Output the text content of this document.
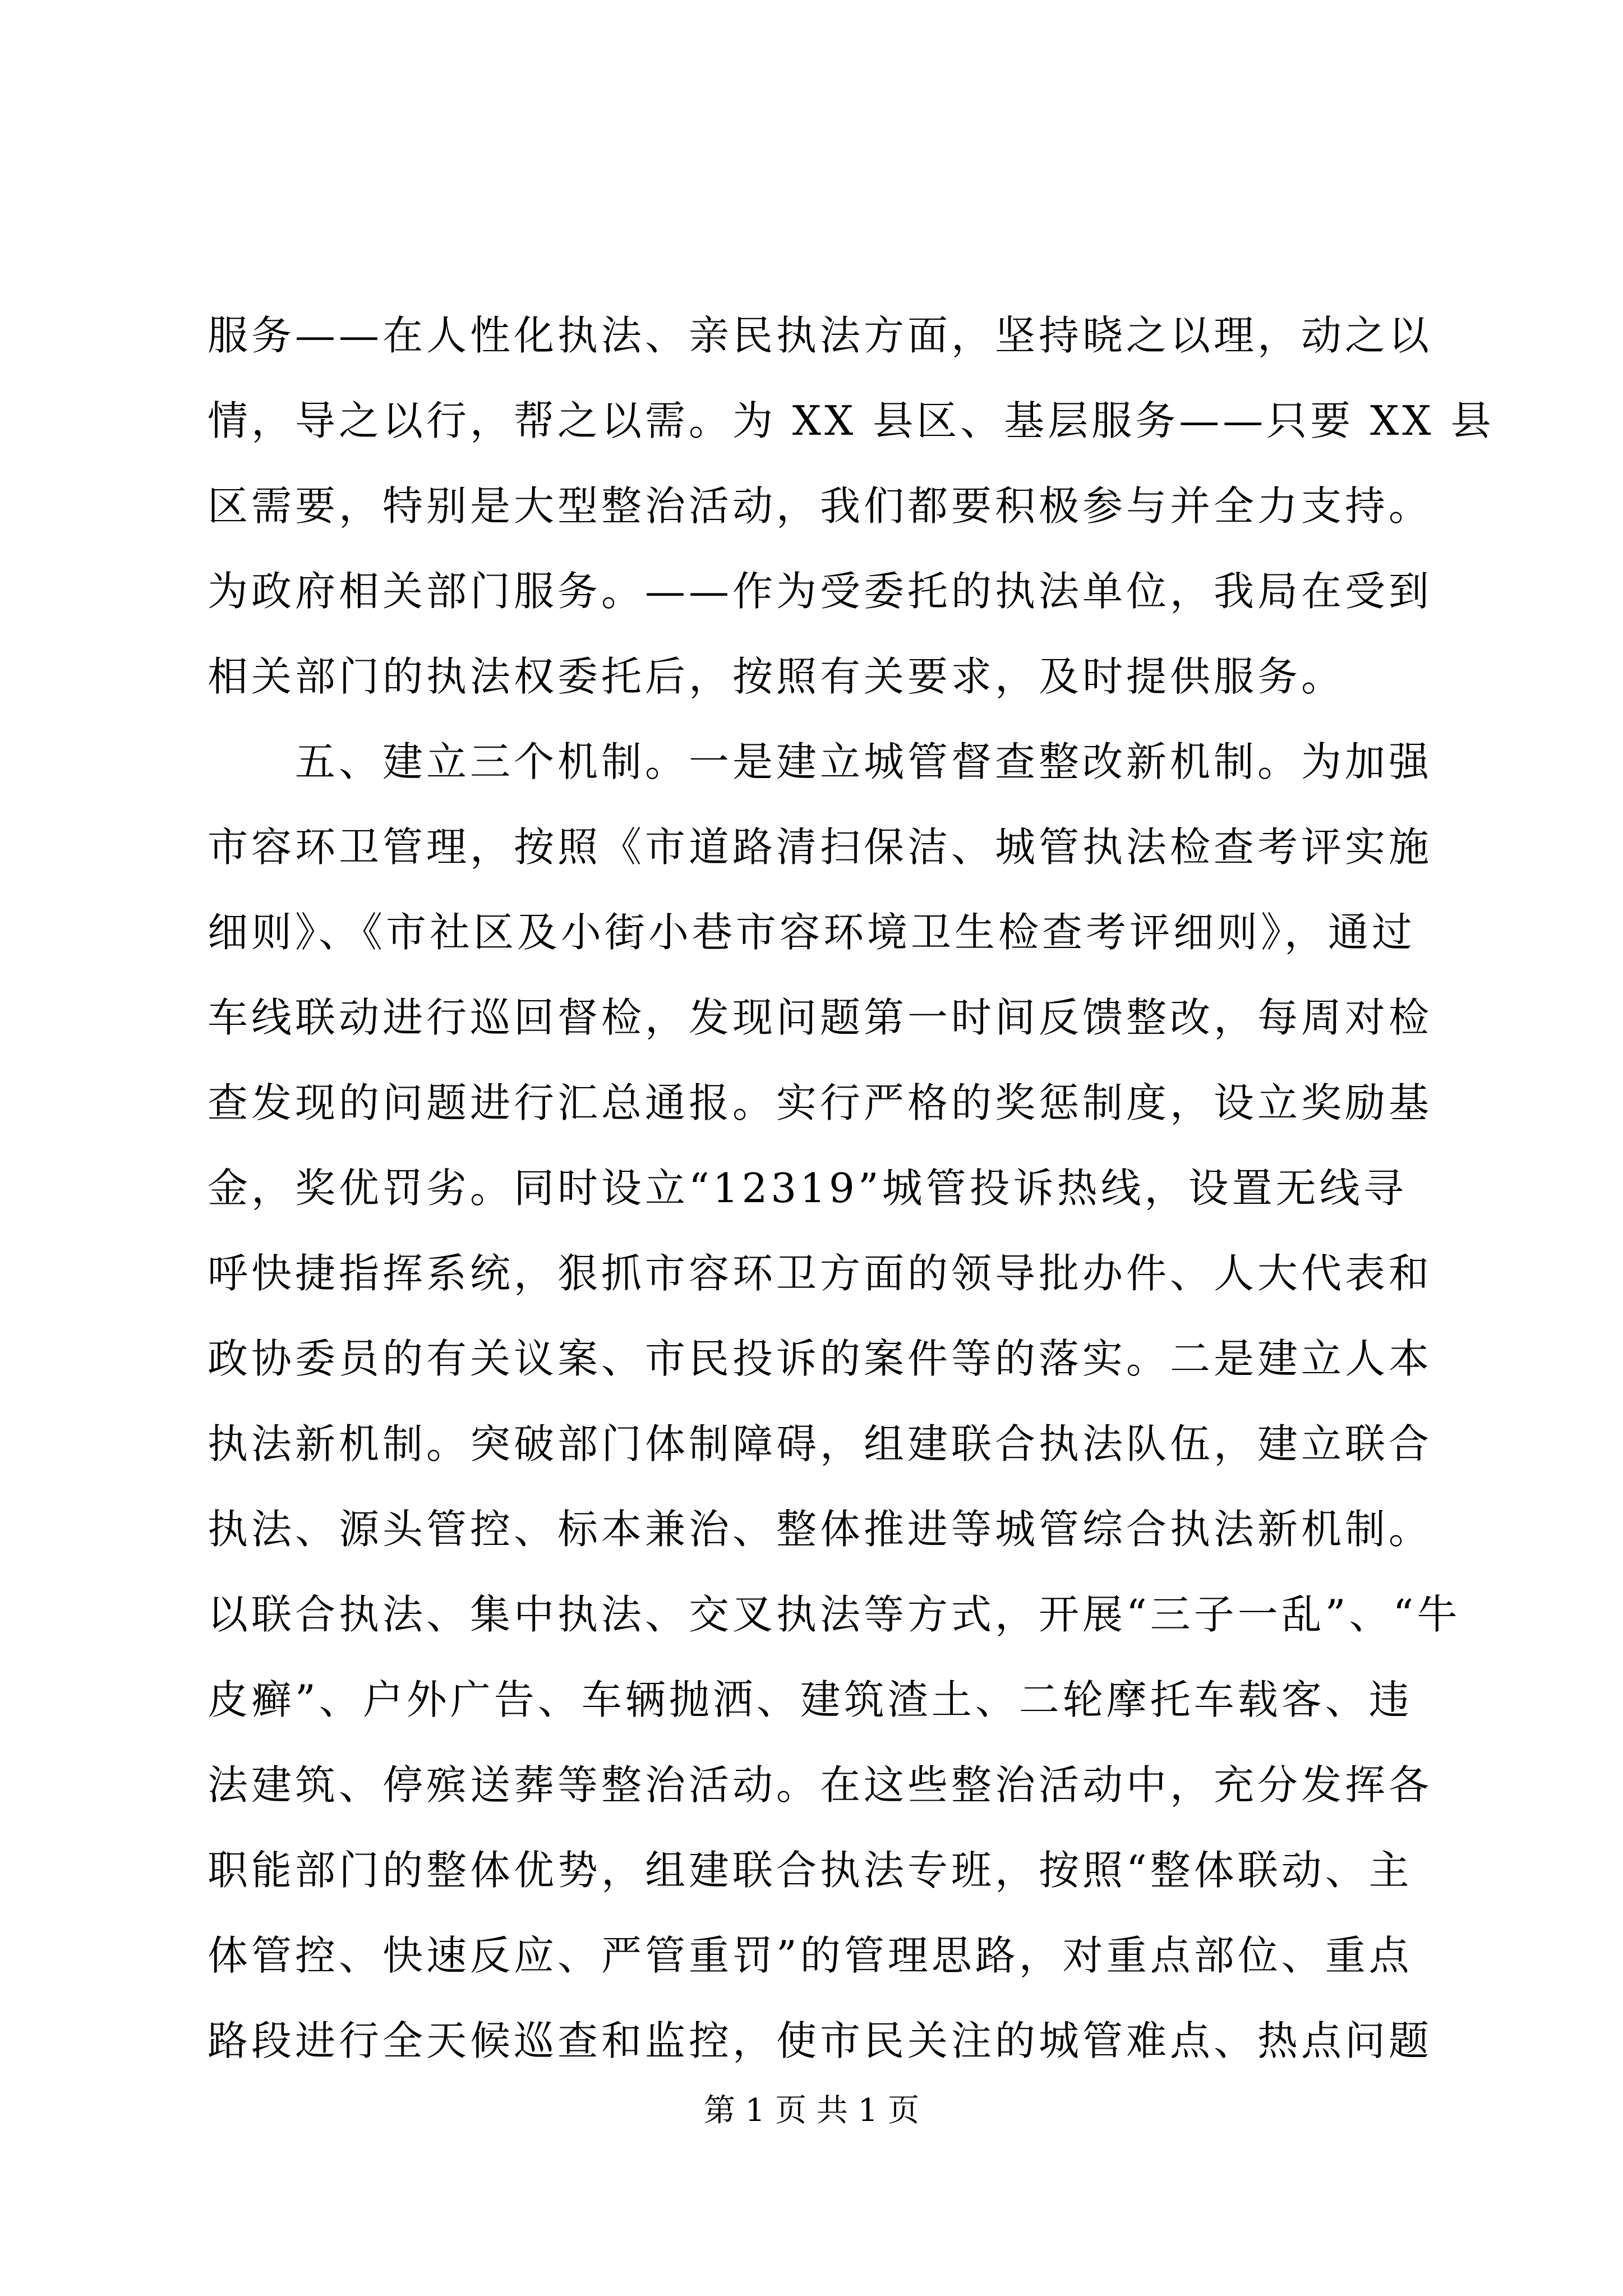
服务——在人性化执法、亲民执法方面，坚持晓之以理，动之以
情，导之以行，帮之以需。为 XX 县区、基层服务——只要 XX 县
区需要，特别是大型整治活动，我们都要积极参与并全力支持。
为政府相关部门服务。——作为受委托的执法单位，我局在受到
相关部门的执法权委托后，按照有关要求，及时提供服务。
　　五、建立三个机制。一是建立城管督查整改新机制。为加强
市容环卫管理，按照《市道路清扫保洁、城管执法检查考评实施
细则》、《市社区及小街小巷市容环境卫生检查考评细则》，通过
车线联动进行巡回督检，发现问题第一时间反馈整改，每周对检
查发现的问题进行汇总通报。实行严格的奖惩制度，设立奖励基
金，奖优罚劣。同时设立“12319”城管投诉热线，设置无线寻
呼快捷指挥系统，狠抓市容环卫方面的领导批办件、人大代表和
政协委员的有关议案、市民投诉的案件等的落实。二是建立人本
执法新机制。突破部门体制障碍，组建联合执法队伍，建立联合
执法、源头管控、标本兼治、整体推进等城管综合执法新机制。
以联合执法、集中执法、交叉执法等方式，开展“三子一乱”、“牛
皮癣”、户外广告、车辆抛洒、建筑渣土、二轮摩托车载客、违
法建筑、停殡送葬等整治活动。在这些整治活动中，充分发挥各
职能部门的整体优势，组建联合执法专班，按照“整体联动、主
体管控、快速反应、严管重罚”的管理思路，对重点部位、重点
路段进行全天候巡查和监控，使市民关注的城管难点、热点问题
第 1 页 共 1 页
